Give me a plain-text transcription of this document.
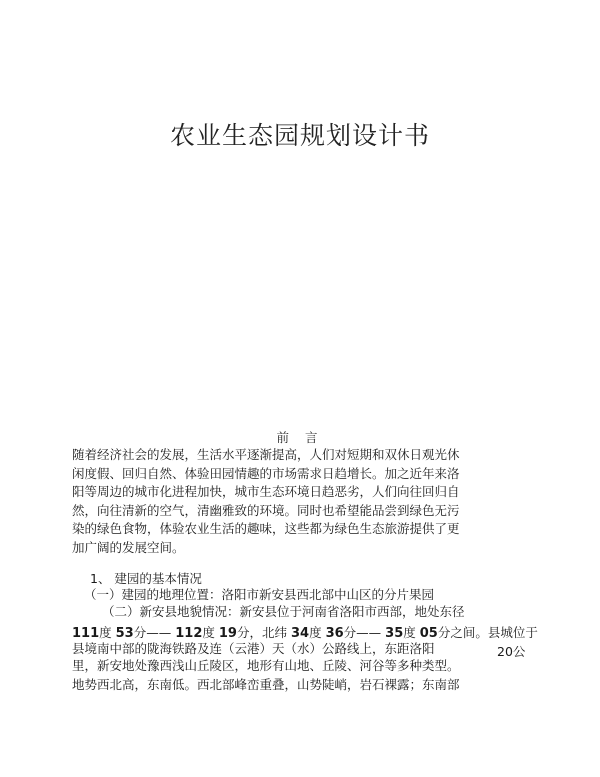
农业生态园规划设计书
前 言
随着经济社会的发展，生活水平逐渐提高，人们对短期和双休日观光休
闲度假、回归自然、体验田园情趣的市场需求日趋增长。加之近年来洛
阳等周边的城市化进程加快，城市生态环境日趋恶劣，人们向往回归自
然，向往清新的空气，清幽雅致的环境。同时也希望能品尝到绿色无污
染的绿色食物，体验农业生活的趣味，这些都为绿色生态旅游提供了更
加广阔的发展空间。
1、 建园的基本情况
（一）建园的地理位置：洛阳市新安县西北部中山区的分片果园
（二）新安县地貌情况：新安县位于河南省洛阳市西部，地处东径
111度 53分—— 112度 19分，北纬 34度 36分—— 35度 05分之间。县城位于
县境南中部的陇海铁路及连（云港）天（水）公路线上，东距洛阳	20公
里，新安地处豫西浅山丘陵区，地形有山地、丘陵、河谷等多种类型。
地势西北高，东南低。西北部峰峦重叠，山势陡峭，岩石裸露；东南部
